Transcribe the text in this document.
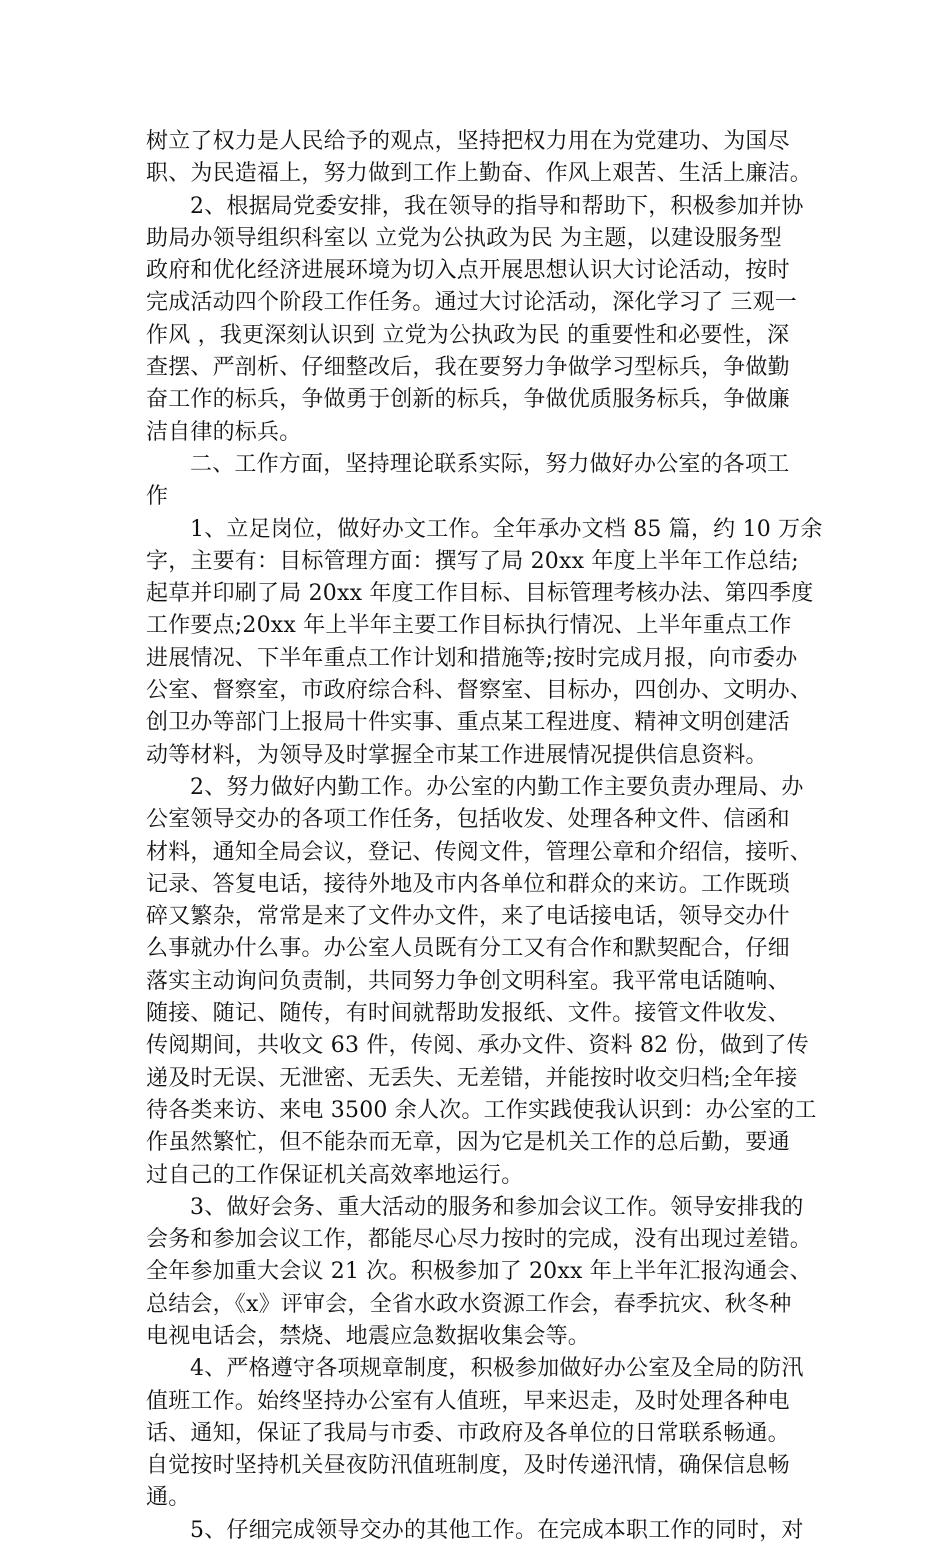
树立了权力是人民给予的观点，坚持把权力用在为党建功、为国尽
职、为民造福上，努力做到工作上勤奋、作风上艰苦、生活上廉洁。
2、根据局党委安排，我在领导的指导和帮助下，积极参加并协
助局办领导组织科室以 立党为公执政为民 为主题，以建设服务型
政府和优化经济进展环境为切入点开展思想认识大讨论活动，按时
完成活动四个阶段工作任务。通过大讨论活动，深化学习了 三观一
作风 ，我更深刻认识到 立党为公执政为民 的重要性和必要性，深
查摆、严剖析、仔细整改后，我在要努力争做学习型标兵，争做勤
奋工作的标兵，争做勇于创新的标兵，争做优质服务标兵，争做廉
洁自律的标兵。
二、工作方面，坚持理论联系实际，努力做好办公室的各项工
作
1、立足岗位，做好办文工作。全年承办文档 85 篇，约 10 万余
字，主要有：目标管理方面：撰写了局 20xx 年度上半年工作总结;
起草并印刷了局 20xx 年度工作目标、目标管理考核办法、第四季度
工作要点;20xx 年上半年主要工作目标执行情况、上半年重点工作
进展情况、下半年重点工作计划和措施等;按时完成月报，向市委办
公室、督察室，市政府综合科、督察室、目标办，四创办、文明办、
创卫办等部门上报局十件实事、重点某工程进度、精神文明创建活
动等材料，为领导及时掌握全市某工作进展情况提供信息资料。
2、努力做好内勤工作。办公室的内勤工作主要负责办理局、办
公室领导交办的各项工作任务，包括收发、处理各种文件、信函和
材料，通知全局会议，登记、传阅文件，管理公章和介绍信，接听、
记录、答复电话，接待外地及市内各单位和群众的来访。工作既琐
碎又繁杂，常常是来了文件办文件，来了电话接电话，领导交办什
么事就办什么事。办公室人员既有分工又有合作和默契配合，仔细
落实主动询问负责制，共同努力争创文明科室。我平常电话随响、
随接、随记、随传，有时间就帮助发报纸、文件。接管文件收发、
传阅期间，共收文 63 件，传阅、承办文件、资料 82 份，做到了传
递及时无误、无泄密、无丢失、无差错，并能按时收交归档;全年接
待各类来访、来电 3500 余人次。工作实践使我认识到：办公室的工
作虽然繁忙，但不能杂而无章，因为它是机关工作的总后勤，要通
过自己的工作保证机关高效率地运行。
3、做好会务、重大活动的服务和参加会议工作。领导安排我的
会务和参加会议工作，都能尽心尽力按时的完成，没有出现过差错。
全年参加重大会议 21 次。积极参加了 20xx 年上半年汇报沟通会、
总结会，《x》评审会，全省水政水资源工作会，春季抗灾、秋冬种
电视电话会，禁烧、地震应急数据收集会等。
4、严格遵守各项规章制度，积极参加做好办公室及全局的防汛
值班工作。始终坚持办公室有人值班，早来迟走，及时处理各种电
话、通知，保证了我局与市委、市政府及各单位的日常联系畅通。
自觉按时坚持机关昼夜防汛值班制度，及时传递汛情，确保信息畅
通。
5、仔细完成领导交办的其他工作。在完成本职工作的同时，对
